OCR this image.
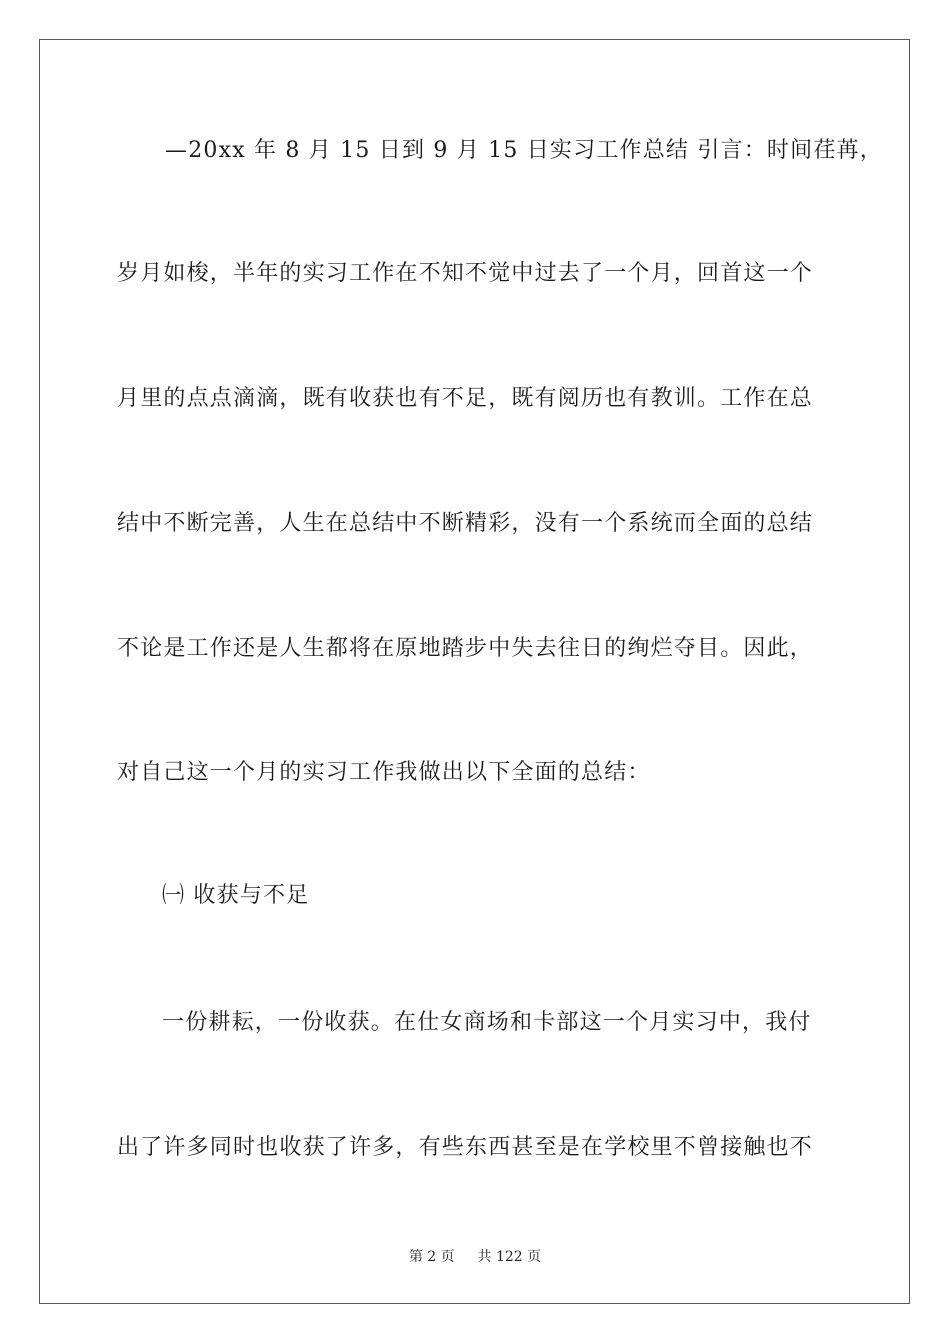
—20xx 年 8 月 15 日到 9 月 15 日实习工作总结 引言：时间荏苒，
岁月如梭，半年的实习工作在不知不觉中过去了一个月，回首这一个
月里的点点滴滴，既有收获也有不足，既有阅历也有教训。工作在总
结中不断完善，人生在总结中不断精彩，没有一个系统而全面的总结
不论是工作还是人生都将在原地踏步中失去往日的绚烂夺目。因此，
对自己这一个月的实习工作我做出以下全面的总结：
㈠ 收获与不足
一份耕耘，一份收获。在仕女商场和卡部这一个月实习中，我付
出了许多同时也收获了许多，有些东西甚至是在学校里不曾接触也不
第 2 页 共 122 页
